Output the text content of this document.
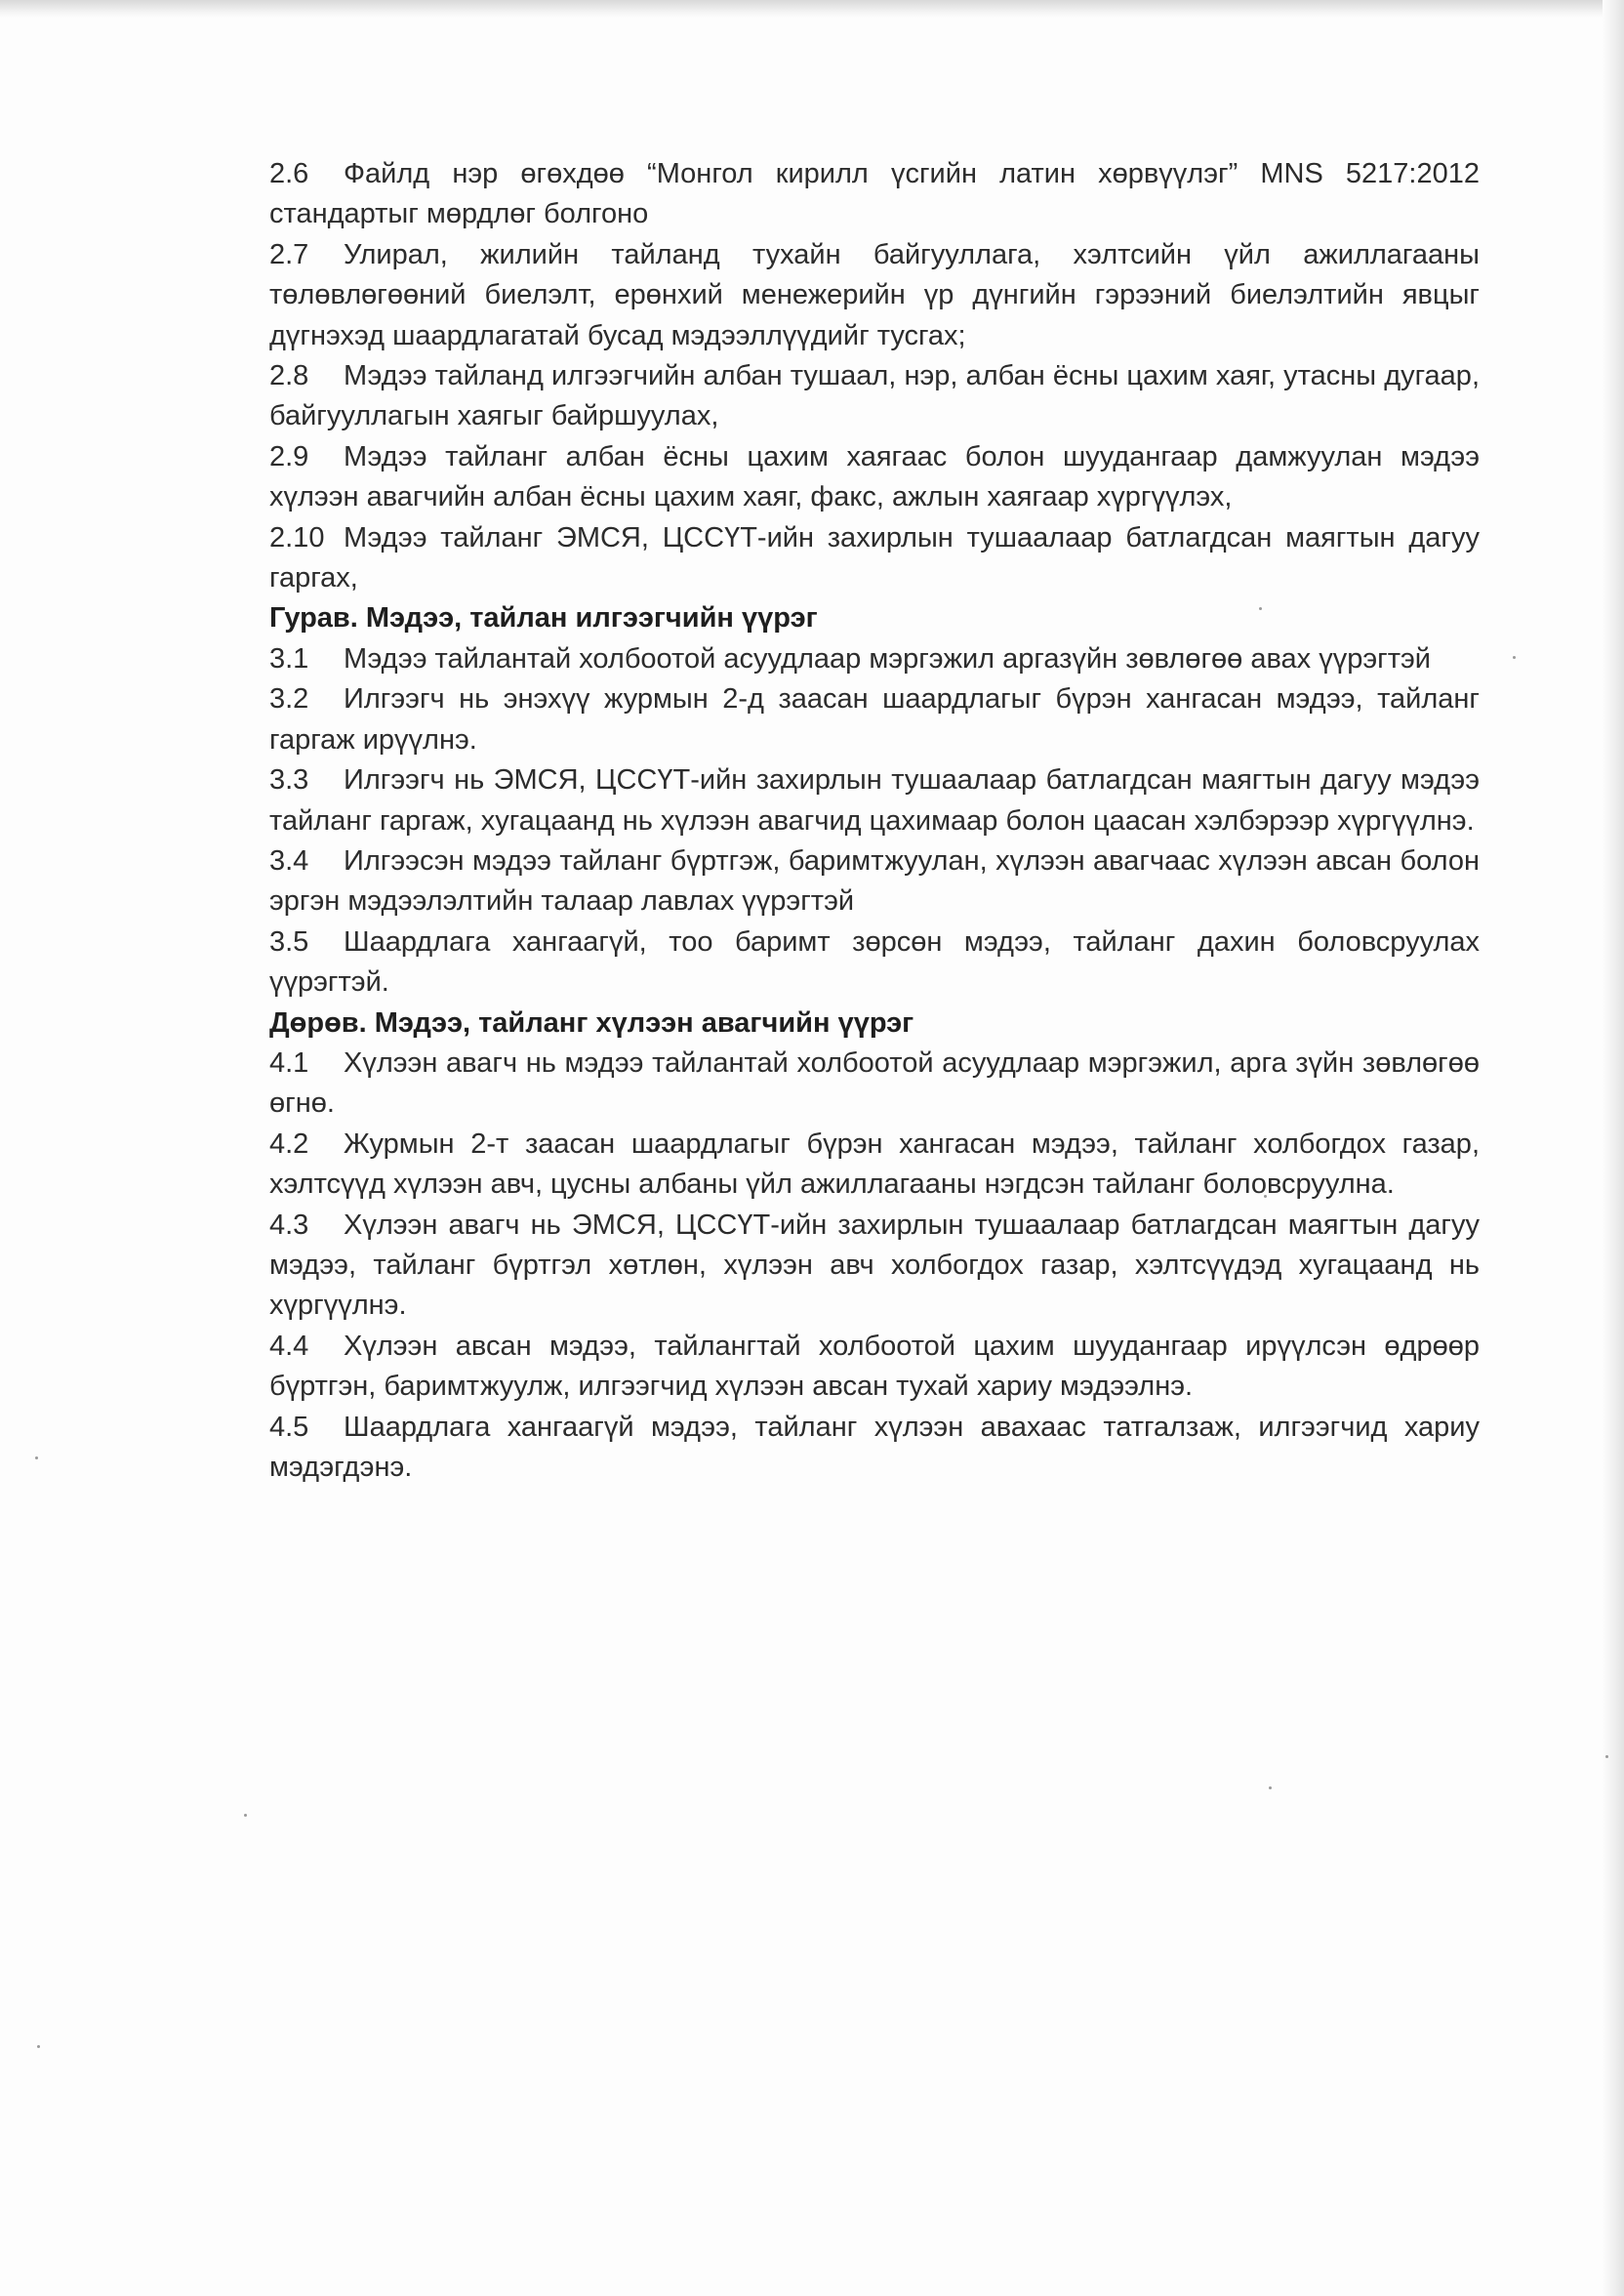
2.6 Файлд нэр өгөхдөө “Монгол кирилл үсгийн латин хөрвүүлэг” MNS 5217:2012 стандартыг мөрдлөг болгоно

2.7 Улирал, жилийн тайланд тухайн байгууллага, хэлтсийн үйл ажиллагааны төлөвлөгөөний биелэлт, ерөнхий менежерийн үр дүнгийн гэрээний биелэлтийн явцыг дүгнэхэд шаардлагатай бусад мэдээллүүдийг тусгах;

2.8 Мэдээ тайланд илгээгчийн албан тушаал, нэр, албан ёсны цахим хаяг, утасны дугаар, байгууллагын хаягыг байршуулах,

2.9 Мэдээ тайланг албан ёсны цахим хаягаас болон шуудангаар дамжуулан мэдээ хүлээн авагчийн албан ёсны цахим хаяг, факс, ажлын хаягаар хүргүүлэх,

2.10 Мэдээ тайланг ЭМСЯ, ЦССҮТ-ийн захирлын тушаалаар батлагдсан маягтын дагуу гаргах,

Гурав. Мэдээ, тайлан илгээгчийн үүрэг

3.1 Мэдээ тайлантай холбоотой асуудлаар мэргэжил аргазүйн зөвлөгөө авах үүрэгтэй

3.2 Илгээгч нь энэхүү журмын 2-д заасан шаардлагыг бүрэн хангасан мэдээ, тайланг гаргаж ирүүлнэ.

3.3 Илгээгч нь ЭМСЯ, ЦССҮТ-ийн захирлын тушаалаар батлагдсан маягтын дагуу мэдээ тайланг гаргаж, хугацаанд нь хүлээн авагчид цахимаар болон цаасан хэлбэрээр хүргүүлнэ.

3.4 Илгээсэн мэдээ тайланг бүртгэж, баримтжуулан, хүлээн авагчаас хүлээн авсан болон эргэн мэдээлэлтийн талаар лавлах үүрэгтэй

3.5 Шаардлага хангаагүй, тоо баримт зөрсөн мэдээ, тайланг дахин боловсруулах үүрэгтэй.

Дөрөв. Мэдээ, тайланг хүлээн авагчийн үүрэг

4.1 Хүлээн авагч нь мэдээ тайлантай холбоотой асуудлаар мэргэжил, арга зүйн зөвлөгөө өгнө.

4.2 Журмын 2-т заасан шаардлагыг бүрэн хангасан мэдээ, тайланг холбогдох газар, хэлтсүүд хүлээн авч, цусны албаны үйл ажиллагааны нэгдсэн тайланг боловсруулна.

4.3 Хүлээн авагч нь ЭМСЯ, ЦССҮТ-ийн захирлын тушаалаар батлагдсан маягтын дагуу мэдээ, тайланг бүртгэл хөтлөн, хүлээн авч холбогдох газар, хэлтсүүдэд хугацаанд нь хүргүүлнэ.

4.4 Хүлээн авсан мэдээ, тайлангтай холбоотой цахим шуудангаар ирүүлсэн өдрөөр бүртгэн, баримтжуулж, илгээгчид хүлээн авсан тухай хариу мэдээлнэ.

4.5 Шаардлага хангаагүй мэдээ, тайланг хүлээн авахаас татгалзаж, илгээгчид хариу мэдэгдэнэ.
